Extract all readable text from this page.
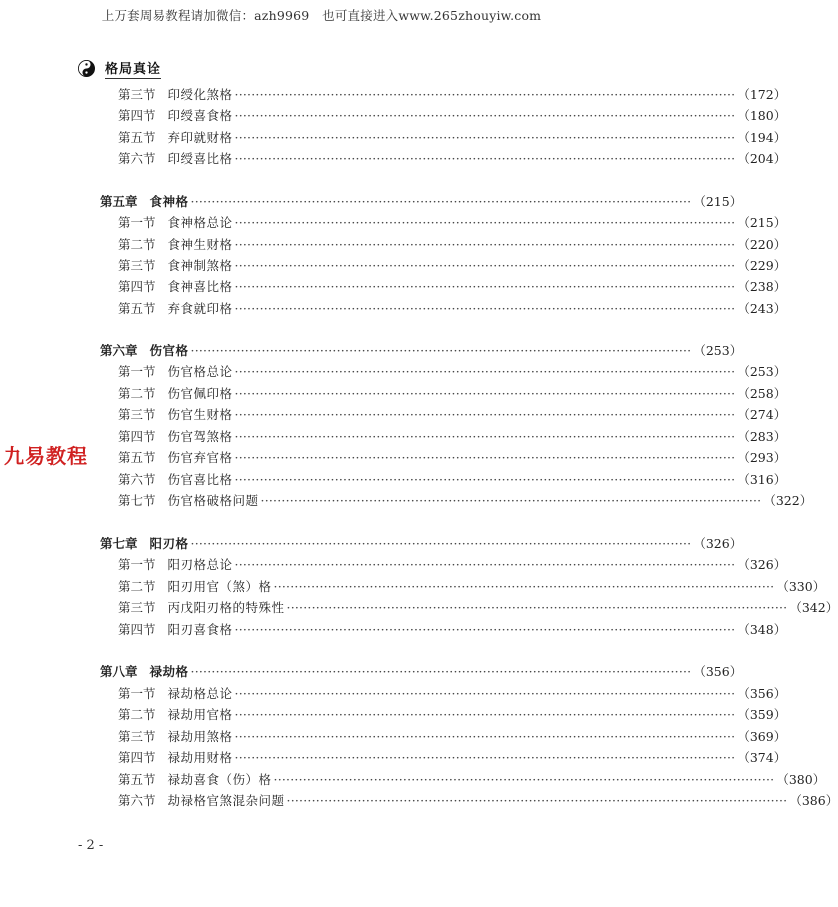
上万套周易教程请加微信：azh9969　也可直接进入www.265zhouyiw.com
格局真诠
第三节 印绶化煞格 ························································································································ （172）
第四节 印绶喜食格 ························································································································ （180）
第五节 弃印就财格 ························································································································ （194）
第六节 印绶喜比格 ························································································································ （204）
第五章 食神格 ························································································································ （215）
第一节 食神格总论 ························································································································ （215）
第二节 食神生财格 ························································································································ （220）
第三节 食神制煞格 ························································································································ （229）
第四节 食神喜比格 ························································································································ （238）
第五节 弃食就印格 ························································································································ （243）
第六章 伤官格 ························································································································ （253）
第一节 伤官格总论 ························································································································ （253）
第二节 伤官佩印格 ························································································································ （258）
第三节 伤官生财格 ························································································································ （274）
第四节 伤官驾煞格 ························································································································ （283）
第五节 伤官弃官格 ························································································································ （293）
第六节 伤官喜比格 ························································································································ （316）
第七节 伤官格破格问题 ························································································································ （322）
第七章 阳刃格 ························································································································ （326）
第一节 阳刃格总论 ························································································································ （326）
第二节 阳刃用官（煞）格 ························································································································ （330）
第三节 丙戊阳刃格的特殊性 ························································································································ （342）
第四节 阳刃喜食格 ························································································································ （348）
第八章 禄劫格 ························································································································ （356）
第一节 禄劫格总论 ························································································································ （356）
第二节 禄劫用官格 ························································································································ （359）
第三节 禄劫用煞格 ························································································································ （369）
第四节 禄劫用财格 ························································································································ （374）
第五节 禄劫喜食（伤）格 ························································································································ （380）
第六节 劫禄格官煞混杂问题 ························································································································ （386）
九易教程
- 2 -
